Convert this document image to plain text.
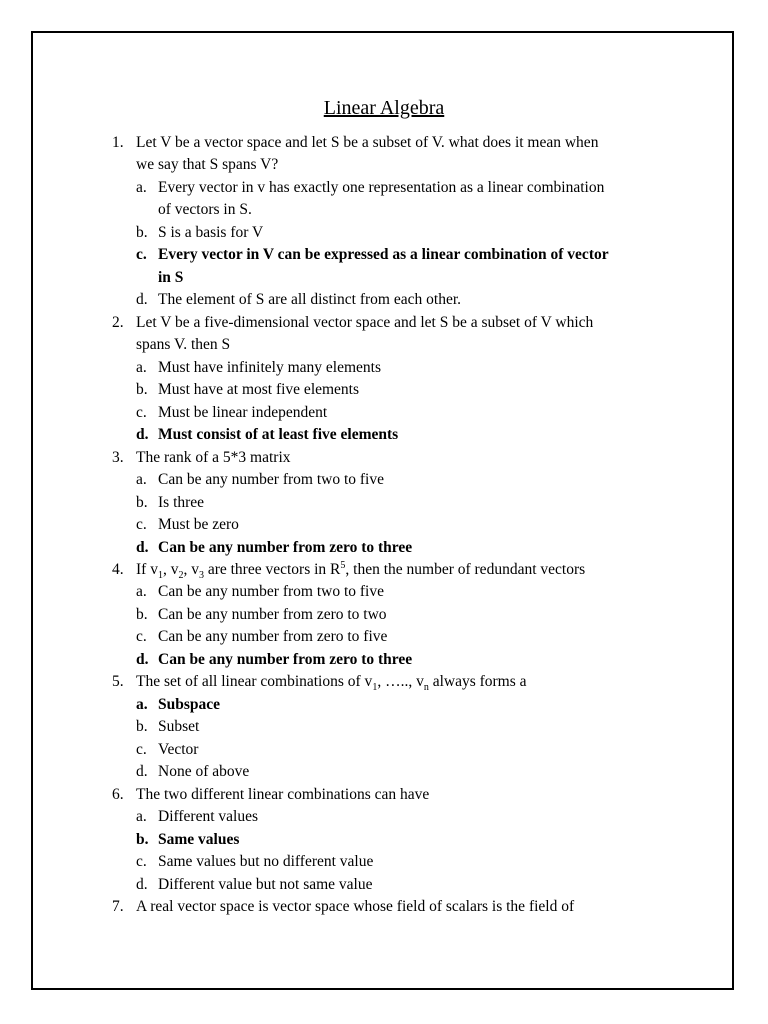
Linear Algebra
1. Let V be a vector space and let S be a subset of V. what does it mean when
we say that S spans V?
a. Every vector in v has exactly one representation as a linear combination
of vectors in S.
b. S is a basis for V
c. Every vector in V can be expressed as a linear combination of vector
in S
d. The element of S are all distinct from each other.
2. Let V be a five-dimensional vector space and let S be a subset of V which
spans V. then S
a. Must have infinitely many elements
b. Must have at most five elements
c. Must be linear independent
d. Must consist of at least five elements
3. The rank of a 5*3 matrix
a. Can be any number from two to five
b. Is three
c. Must be zero
d. Can be any number from zero to three
4. If $v_1$, $v_2$, $v_3$ are three vectors in $R^5$, then the number of redundant vectors
a. Can be any number from two to five
b. Can be any number from zero to two
c. Can be any number from zero to five
d. Can be any number from zero to three
5. The set of all linear combinations of $v_1$, ….., $v_n$ always forms a
a. Subspace
b. Subset
c. Vector
d. None of above
6. The two different linear combinations can have
a. Different values
b. Same values
c. Same values but no different value
d. Different value but not same value
7. A real vector space is vector space whose field of scalars is the field of
